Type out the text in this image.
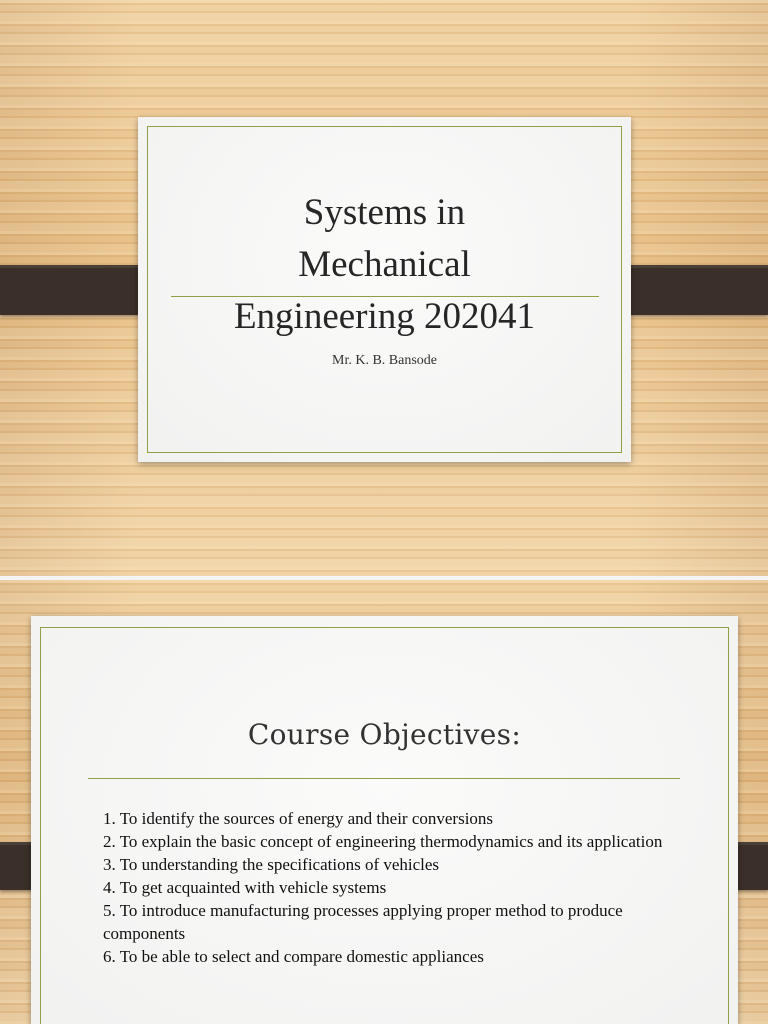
Systems in
Mechanical
Engineering 202041
Mr. K. B. Bansode
Course Objectives:
1. To identify the sources of energy and their conversions
2. To explain the basic concept of engineering thermodynamics and its application
3. To understanding the specifications of vehicles
4. To get acquainted with vehicle systems
5. To introduce manufacturing processes applying proper method to produce components
6. To be able to select and compare domestic appliances
